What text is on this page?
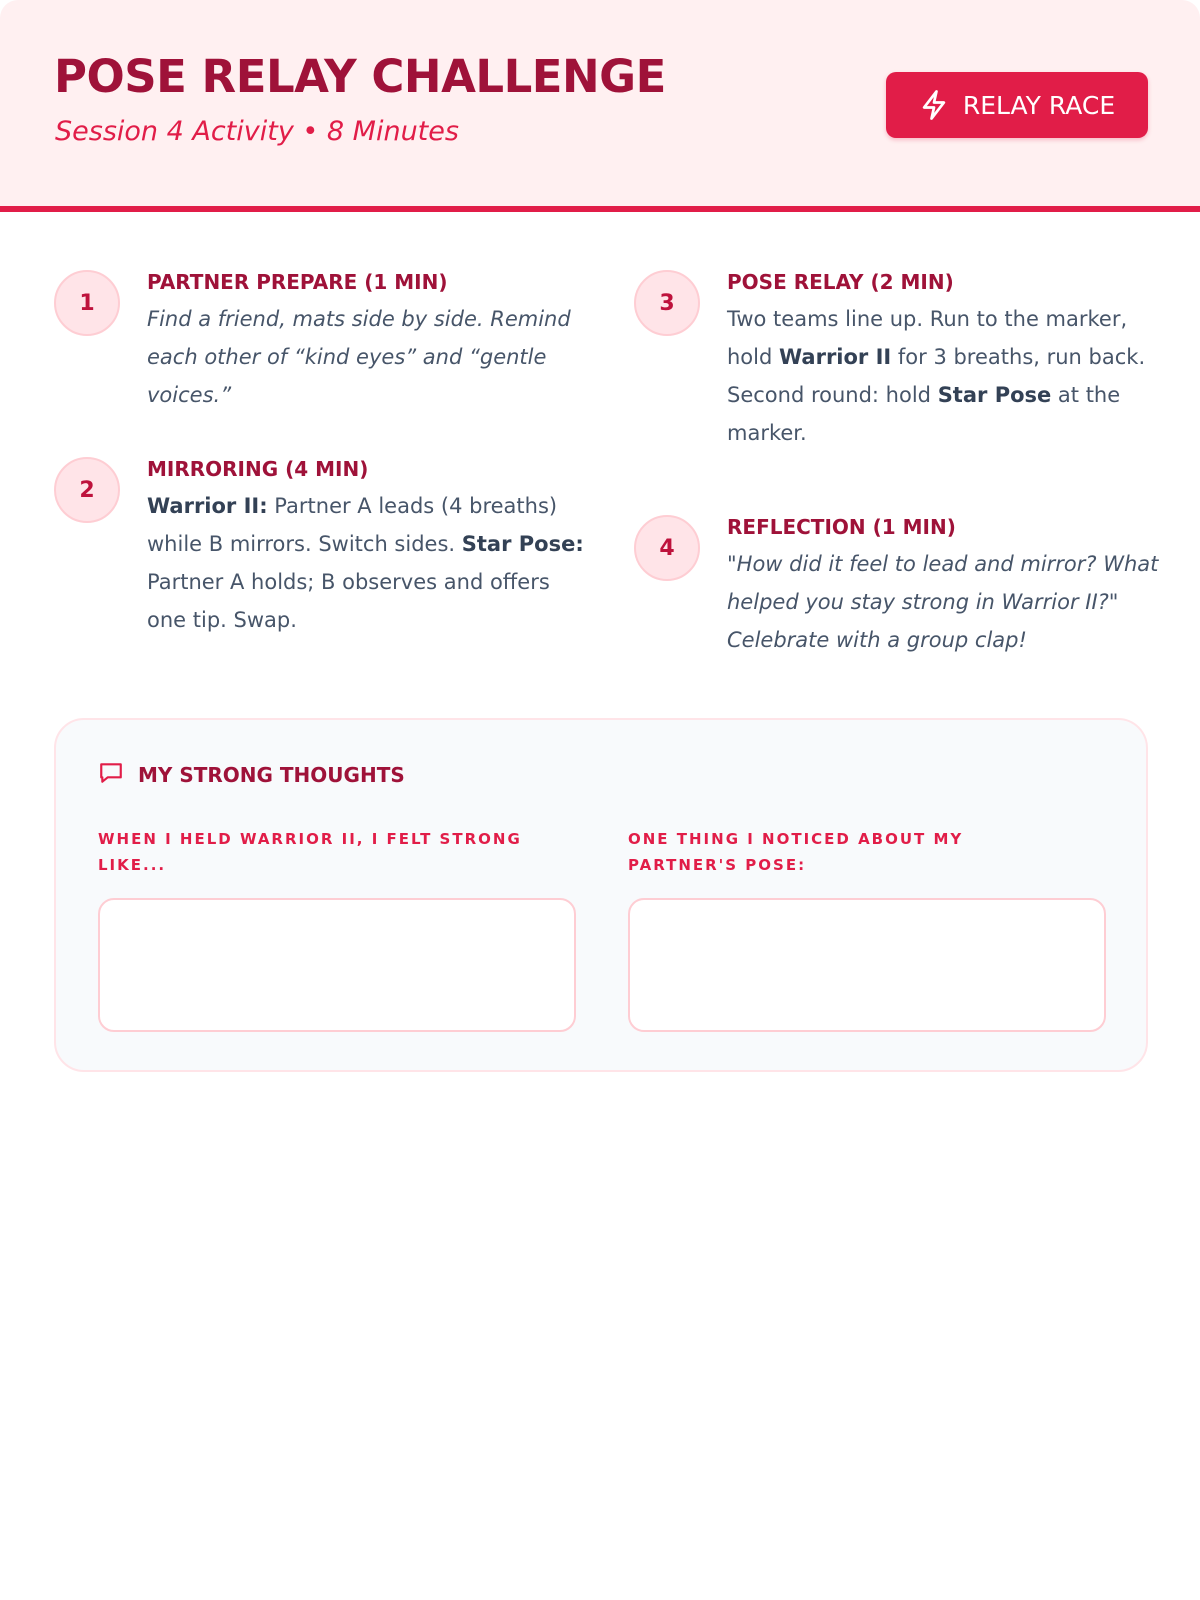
POSE RELAY CHALLENGE
Session 4 Activity • 8 Minutes
RELAY RACE
1
PARTNER PREPARE (1 MIN)
Find a friend, mats side by side. Remind each other of “kind eyes” and “gentle voices.”
2
MIRRORING (4 MIN)
Warrior II: Partner A leads (4 breaths) while B mirrors. Switch sides. Star Pose: Partner A holds; B observes and offers one tip. Swap.
3
POSE RELAY (2 MIN)
Two teams line up. Run to the marker, hold Warrior II for 3 breaths, run back. Second round: hold Star Pose at the marker.
4
REFLECTION (1 MIN)
"How did it feel to lead and mirror? What helped you stay strong in Warrior II?" Celebrate with a group clap!
MY STRONG THOUGHTS
WHEN I HELD WARRIOR II, I FELT STRONG LIKE...
ONE THING I NOTICED ABOUT MY PARTNER'S POSE:
